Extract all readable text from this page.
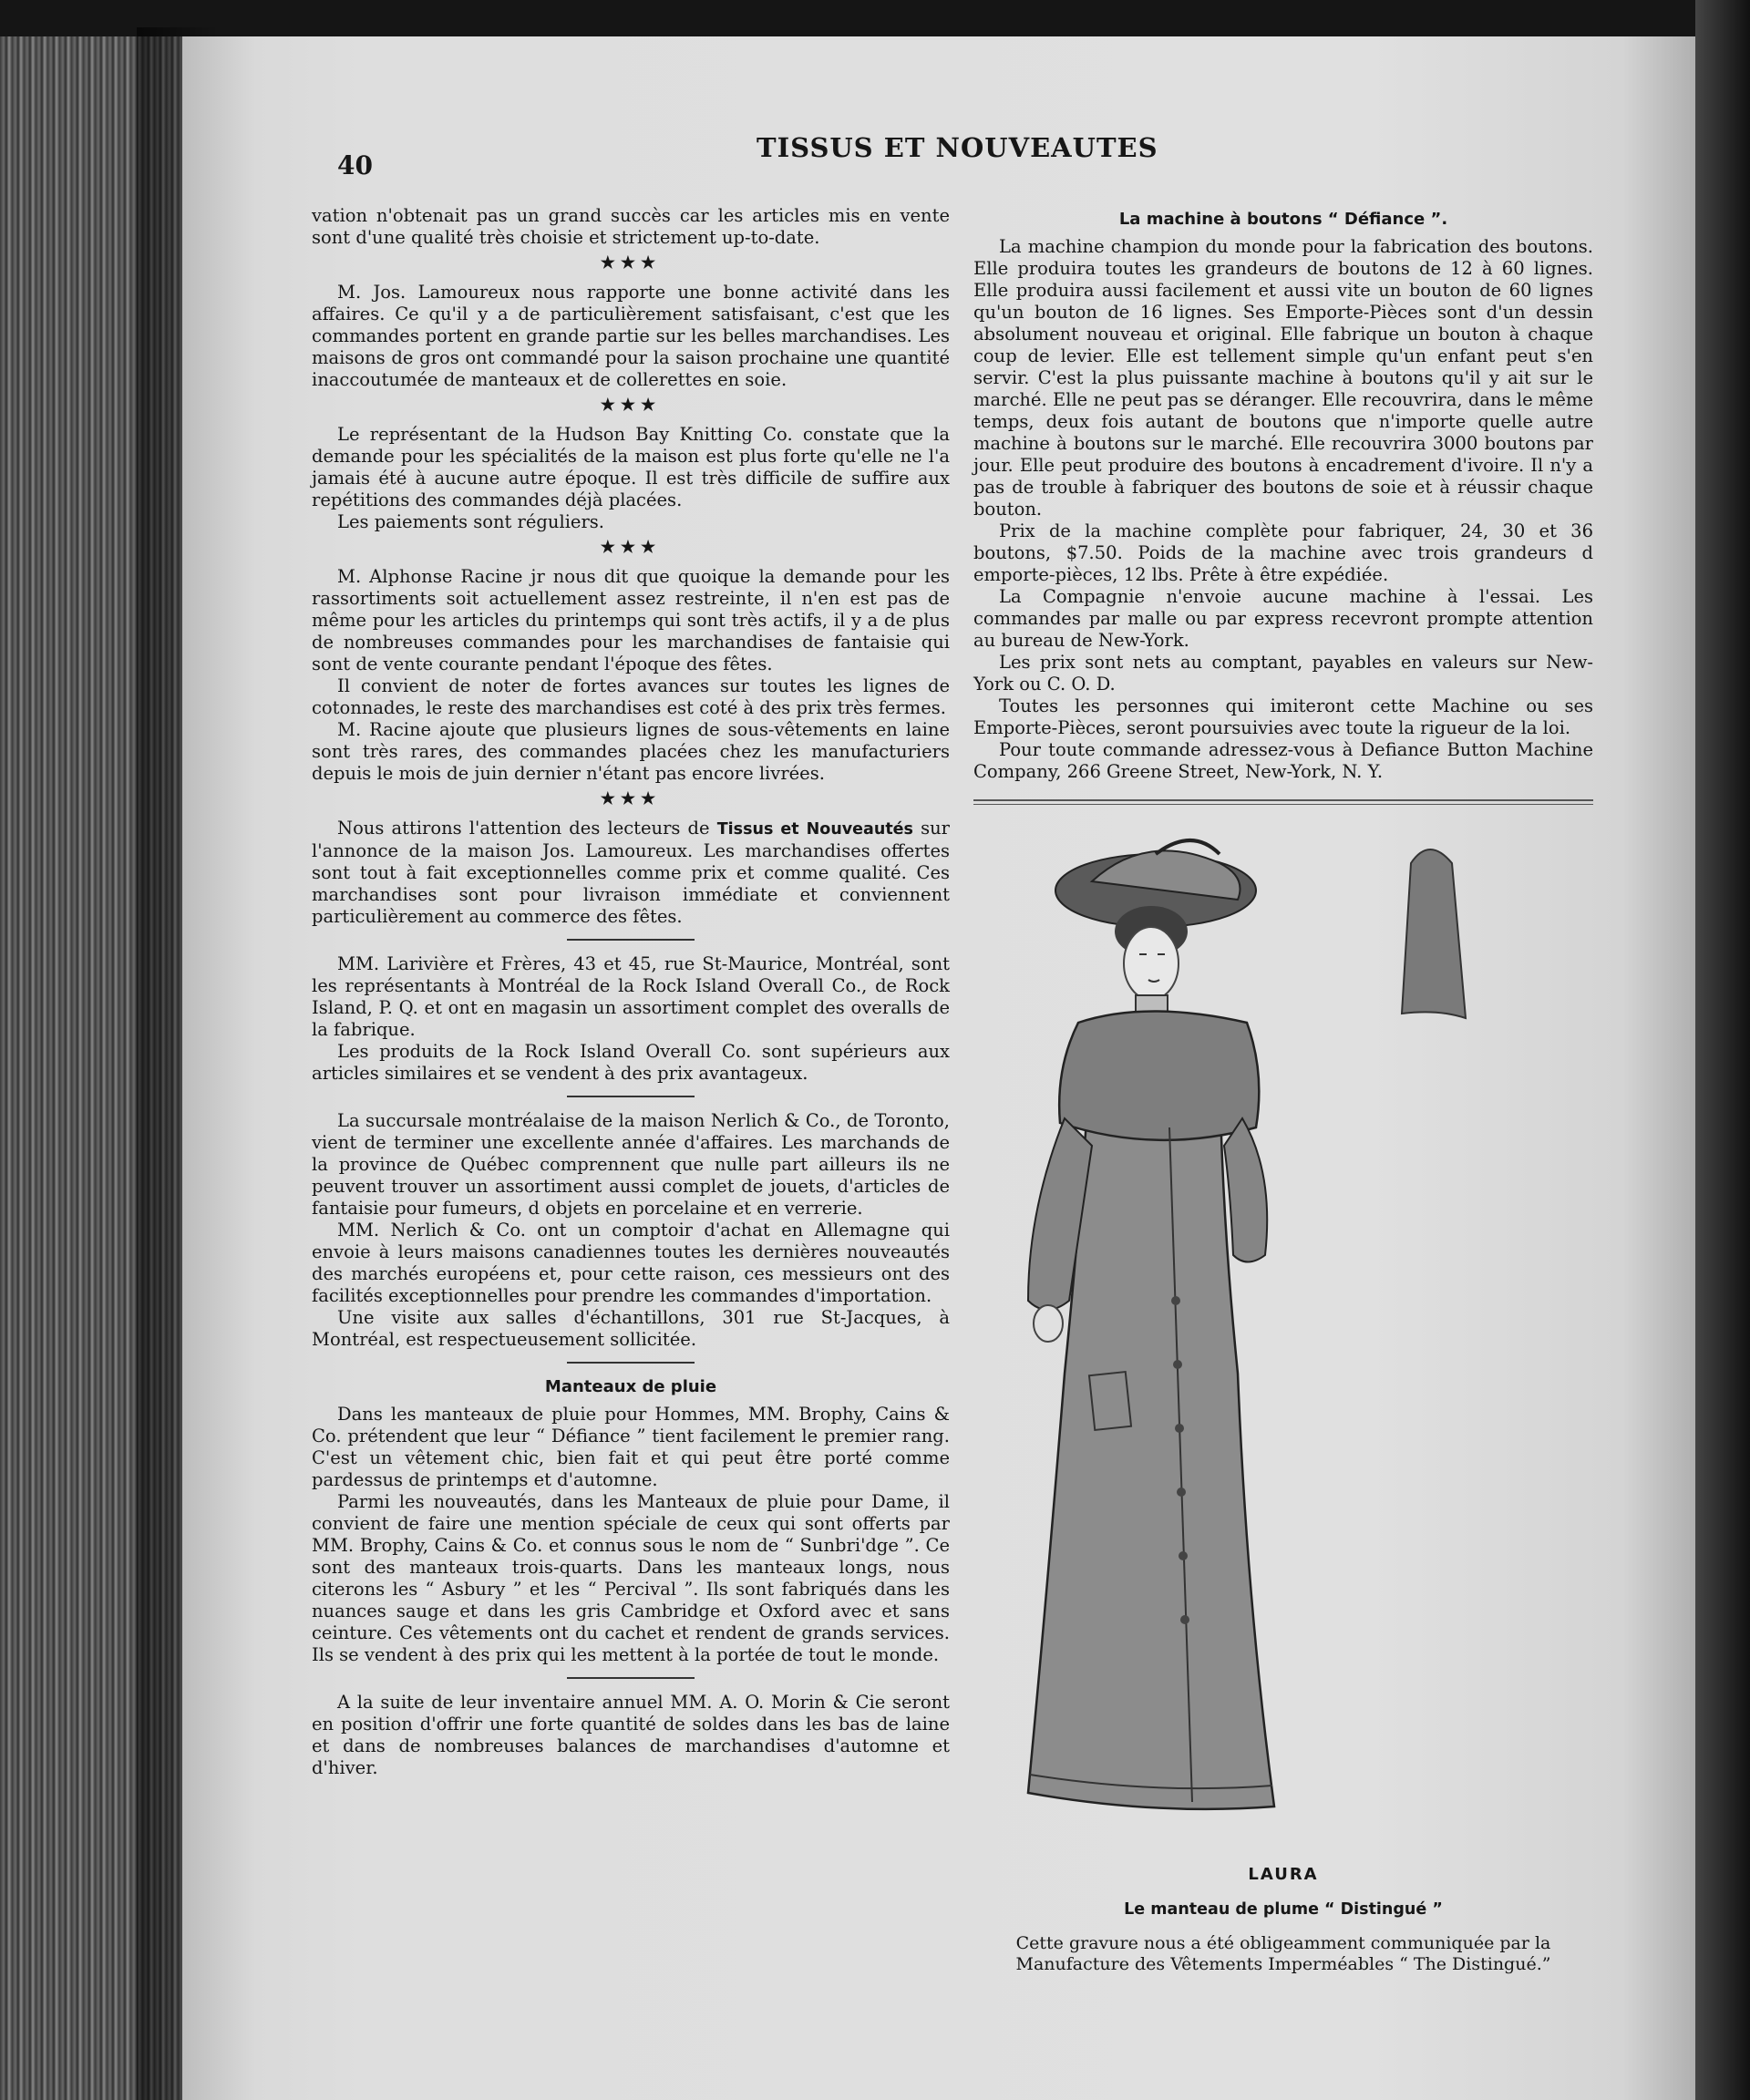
40
TISSUS ET NOUVEAUTES

vation n'obtenait pas un grand succès car les articles mis en vente sont d'une qualité très choisie et strictement up-to-date.

★★★

M. Jos. Lamoureux nous rapporte une bonne activité dans les affaires. Ce qu'il y a de particulièrement satisfaisant, c'est que les commandes portent en grande partie sur les belles marchandises. Les maisons de gros ont commandé pour la saison prochaine une quantité inaccoutumée de manteaux et de collerettes en soie.

★★★

Le représentant de la Hudson Bay Knitting Co. constate que la demande pour les spécialités de la maison est plus forte qu'elle ne l'a jamais été à aucune autre époque. Il est très difficile de suffire aux repétitions des commandes déjà placées.

Les paiements sont réguliers.

★★★

M. Alphonse Racine jr nous dit que quoique la demande pour les rassortiments soit actuellement assez restreinte, il n'en est pas de même pour les articles du printemps qui sont très actifs, il y a de plus de nombreuses commandes pour les marchandises de fantaisie qui sont de vente courante pendant l'époque des fêtes.

Il convient de noter de fortes avances sur toutes les lignes de cotonnades, le reste des marchandises est coté à des prix très fermes.

M. Racine ajoute que plusieurs lignes de sous-vêtements en laine sont très rares, des commandes placées chez les manufacturiers depuis le mois de juin dernier n'étant pas encore livrées.

★★★

Nous attirons l'attention des lecteurs de Tissus et Nouveautés sur l'annonce de la maison Jos. Lamoureux. Les marchandises offertes sont tout à fait exceptionnelles comme prix et comme qualité. Ces marchandises sont pour livraison immédiate et conviennent particulièrement au commerce des fêtes.

MM. Larivière et Frères, 43 et 45, rue St-Maurice, Montréal, sont les représentants à Montréal de la Rock Island Overall Co., de Rock Island, P. Q. et ont en magasin un assortiment complet des overalls de la fabrique.

Les produits de la Rock Island Overall Co. sont supérieurs aux articles similaires et se vendent à des prix avantageux.

La succursale montréalaise de la maison Nerlich & Co., de Toronto, vient de terminer une excellente année d'affaires. Les marchands de la province de Québec comprennent que nulle part ailleurs ils ne peuvent trouver un assortiment aussi complet de jouets, d'articles de fantaisie pour fumeurs, d objets en porcelaine et en verrerie.

MM. Nerlich & Co. ont un comptoir d'achat en Allemagne qui envoie à leurs maisons canadiennes toutes les dernières nouveautés des marchés européens et, pour cette raison, ces messieurs ont des facilités exceptionnelles pour prendre les commandes d'importation.

Une visite aux salles d'échantillons, 301 rue St-Jacques, à Montréal, est respectueusement sollicitée.

Manteaux de pluie

Dans les manteaux de pluie pour Hommes, MM. Brophy, Cains & Co. prétendent que leur “ Défiance ” tient facilement le premier rang. C'est un vêtement chic, bien fait et qui peut être porté comme pardessus de printemps et d'automne.

Parmi les nouveautés, dans les Manteaux de pluie pour Dame, il convient de faire une mention spéciale de ceux qui sont offerts par MM. Brophy, Cains & Co. et connus sous le nom de “ Sunbri'dge ”. Ce sont des manteaux trois-quarts. Dans les manteaux longs, nous citerons les “ Asbury ” et les “ Percival ”. Ils sont fabriqués dans les nuances sauge et dans les gris Cambridge et Oxford avec et sans ceinture. Ces vêtements ont du cachet et rendent de grands services. Ils se vendent à des prix qui les mettent à la portée de tout le monde.

A la suite de leur inventaire annuel MM. A. O. Morin & Cie seront en position d'offrir une forte quantité de soldes dans les bas de laine et dans de nombreuses balances de marchandises d'automne et d'hiver.

La machine à boutons “ Défiance ”.

La machine champion du monde pour la fabrication des boutons. Elle produira toutes les grandeurs de boutons de 12 à 60 lignes. Elle produira aussi facilement et aussi vite un bouton de 60 lignes qu'un bouton de 16 lignes. Ses Emporte-Pièces sont d'un dessin absolument nouveau et original. Elle fabrique un bouton à chaque coup de levier. Elle est tellement simple qu'un enfant peut s'en servir. C'est la plus puissante machine à boutons qu'il y ait sur le marché. Elle ne peut pas se déranger. Elle recouvrira, dans le même temps, deux fois autant de boutons que n'importe quelle autre machine à boutons sur le marché. Elle recouvrira 3000 boutons par jour. Elle peut produire des boutons à encadrement d'ivoire. Il n'y a pas de trouble à fabriquer des boutons de soie et à réussir chaque bouton.

Prix de la machine complète pour fabriquer, 24, 30 et 36 boutons, $7.50. Poids de la machine avec trois grandeurs d emporte-pièces, 12 lbs. Prête à être expédiée.

La Compagnie n'envoie aucune machine à l'essai. Les commandes par malle ou par express recevront prompte attention au bureau de New-York.

Les prix sont nets au comptant, payables en valeurs sur New-York ou C. O. D.

Toutes les personnes qui imiteront cette Machine ou ses Emporte-Pièces, seront poursuivies avec toute la rigueur de la loi.

Pour toute commande adressez-vous à Defiance Button Machine Company, 266 Greene Street, New-York, N. Y.

LAURA
Le manteau de plume “ Distingué ”
Cette gravure nous a été obligeamment communiquée par la Manufacture des Vêtements Imperméables “ The Distingué.”
